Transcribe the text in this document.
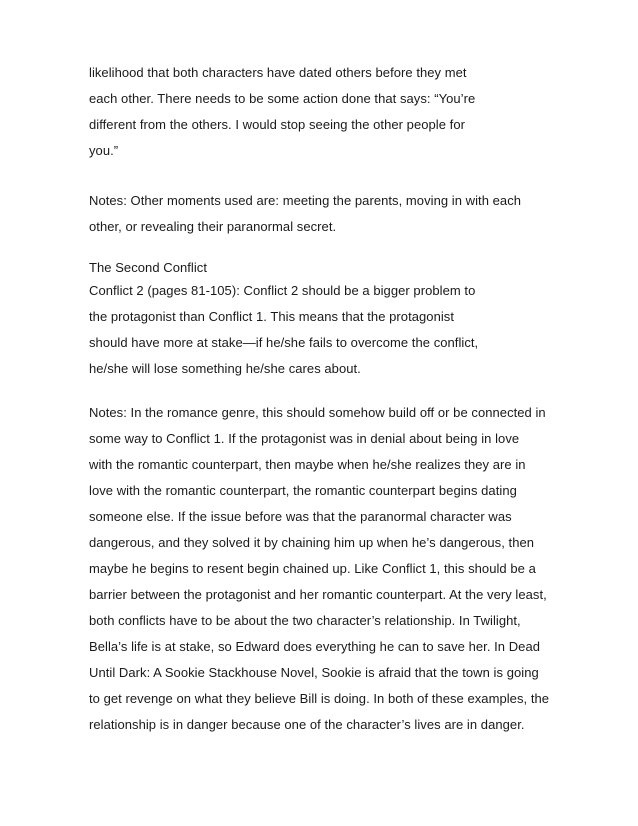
likelihood that both characters have dated others before they met
each other. There needs to be some action done that says: “You’re
different from the others. I would stop seeing the other people for
you.”
Notes: Other moments used are: meeting the parents, moving in with each
other, or revealing their paranormal secret.
The Second Conflict
Conflict 2 (pages 81-105): Conflict 2 should be a bigger problem to
the protagonist than Conflict 1. This means that the protagonist
should have more at stake—if he/she fails to overcome the conflict,
he/she will lose something he/she cares about.
Notes: In the romance genre, this should somehow build off or be connected in
some way to Conflict 1. If the protagonist was in denial about being in love
with the romantic counterpart, then maybe when he/she realizes they are in
love with the romantic counterpart, the romantic counterpart begins dating
someone else. If the issue before was that the paranormal character was
dangerous, and they solved it by chaining him up when he’s dangerous, then
maybe he begins to resent begin chained up. Like Conflict 1, this should be a
barrier between the protagonist and her romantic counterpart. At the very least,
both conflicts have to be about the two character’s relationship. In Twilight,
Bella’s life is at stake, so Edward does everything he can to save her. In Dead
Until Dark: A Sookie Stackhouse Novel, Sookie is afraid that the town is going
to get revenge on what they believe Bill is doing. In both of these examples, the
relationship is in danger because one of the character’s lives are in danger.
